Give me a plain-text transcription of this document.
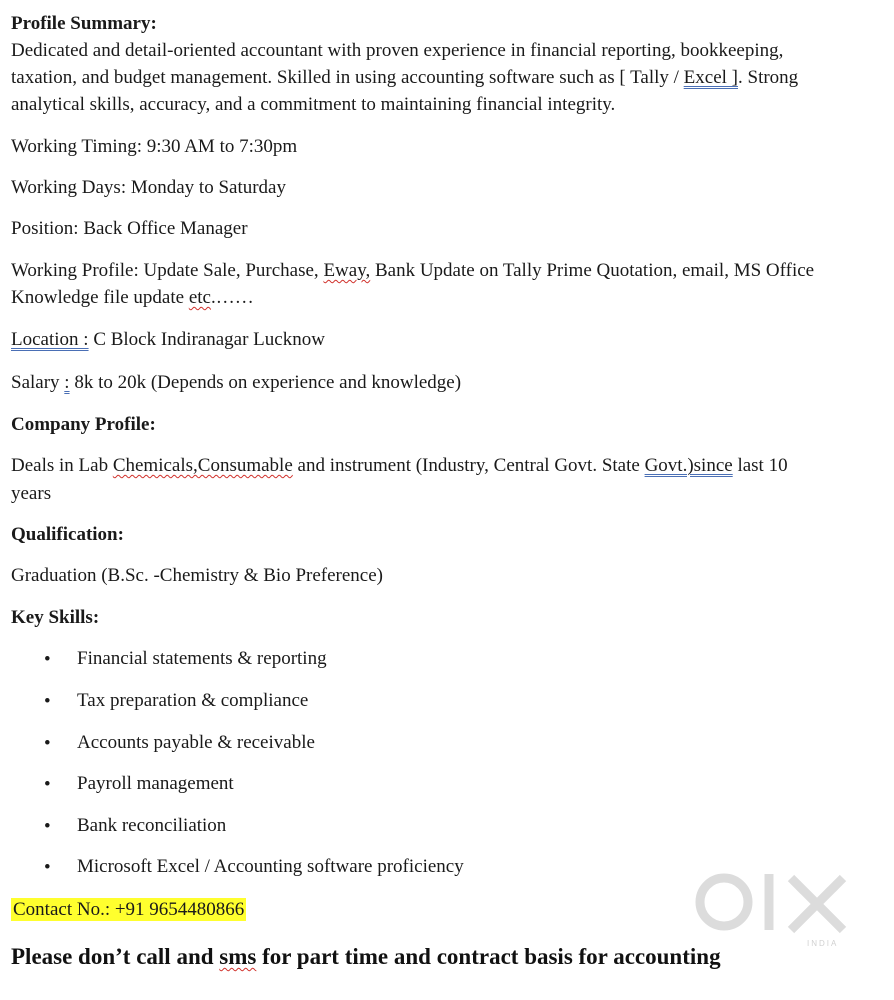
Profile Summary:
Dedicated and detail-oriented accountant with proven experience in financial reporting, bookkeeping,
taxation, and budget management. Skilled in using accounting software such as [ Tally / Excel ]. Strong
analytical skills, accuracy, and a commitment to maintaining financial integrity.
Working Timing: 9:30 AM to 7:30pm
Working Days: Monday to Saturday
Position: Back Office Manager
Working Profile: Update Sale, Purchase, Eway, Bank Update on Tally Prime Quotation, email, MS Office
Knowledge file update etc.……
Location : C Block Indiranagar Lucknow
Salary : 8k to 20k (Depends on experience and knowledge)
Company Profile:
Deals in Lab Chemicals,Consumable and instrument (Industry, Central Govt. State Govt.)since last 10
years
Qualification:
Graduation (B.Sc. -Chemistry & Bio Preference)
Key Skills:
• Financial statements & reporting
• Tax preparation & compliance
• Accounts payable & receivable
• Payroll management
• Bank reconciliation
• Microsoft Excel / Accounting software proficiency
Contact No.: +91 9654480866
INDIA
Please don’t call and sms for part time and contract basis for accounting
